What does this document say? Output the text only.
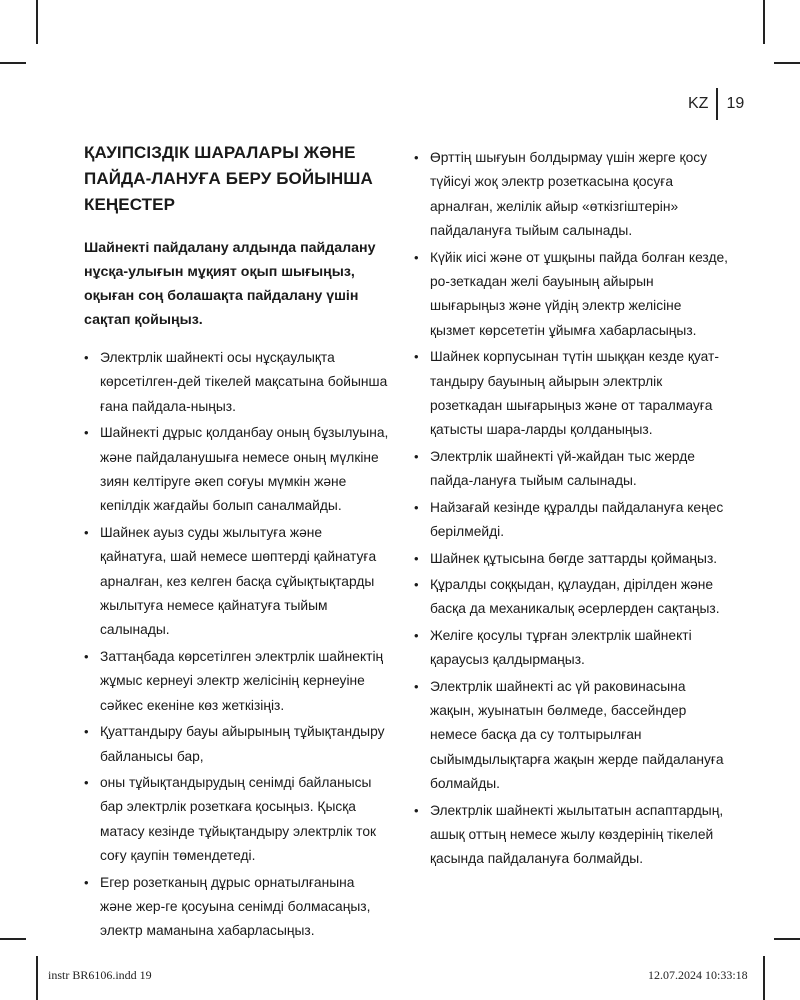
KZ 19
ҚАУІПСІЗДІК ШАРАЛАРЫ ЖӘНЕ ПАЙДА-ЛАНУҒА БЕРУ БОЙЫНША КЕҢЕСТЕР
Шайнекті пайдалану алдында пайдалану нұсқа-улығын мұқият оқып шығыңыз, оқыған соң болашақта пайдалану үшін сақтап қойыңыз.
• Электрлік шайнекті осы нұсқаулықта көрсетілген-дей тікелей мақсатына бойынша ғана пайдала-ныңыз.
• Шайнекті дұрыс қолданбау оның бұзылуына, және пайдаланушыға немесе оның мүлкіне зиян келтіруге әкеп соғуы мүмкін және кепілдік жағдайы болып саналмайды.
• Шайнек ауыз суды жылытуға және қайнатуға, шай немесе шөптерді қайнатуға арналған, кез келген басқа сұйықтықтарды жылытуға немесе қайнатуға тыйым салынады.
• Заттаңбада көрсетілген электрлік шайнектің жұмыс кернеуі электр желісінің кернеуіне сәйкес екеніне көз жеткізіңіз.
• Қуаттандыру бауы айырының тұйықтандыру байланысы бар,
• оны тұйықтандырудың сенімді байланысы бар электрлік розеткаға қосыңыз. Қысқа матасу кезінде тұйықтандыру электрлік ток соғу қаупін төмендетеді.
• Егер розетканың дұрыс орнатылғанына және жер-ге қосуына сенімді болмасаңыз, электр маманына хабарласыңыз.
• Өрттің шығуын болдырмау үшін жерге қосу түйісуі жоқ электр розеткасына қосуға арналған, желілік айыр «өткізгіштерін» пайдалануға тыйым салынады.
• Күйік иісі және от ұшқыны пайда болған кезде, ро-зеткадан желі бауының айырын шығарыңыз және үйдің электр желісіне қызмет көрсететін ұйымға хабарласыңыз.
• Шайнек корпусынан түтін шыққан кезде қуат-тандыру бауының айырын электрлік розеткадан шығарыңыз және от таралмауға қатысты шара-ларды қолданыңыз.
• Электрлік шайнекті үй-жайдан тыс жерде пайда-лануға тыйым салынады.
• Найзағай кезінде құралды пайдалануға кеңес берілмейді.
• Шайнек құтысына бөгде заттарды қоймаңыз.
• Құралды соққыдан, құлаудан, дірілден және басқа да механикалық әсерлерден сақтаңыз.
• Желіге қосулы тұрған электрлік шайнекті қараусыз қалдырмаңыз.
• Электрлік шайнекті ас үй раковинасына жақын, жуынатын бөлмеде, бассейндер немесе басқа да су толтырылған сыйымдылықтарға жақын жерде пайдалануға болмайды.
• Электрлік шайнекті жылытатын аспаптардың, ашық оттың немесе жылу көздерінің тікелей қасында пайдалануға болмайды.
instr BR6106.indd 19	12.07.2024 10:33:18
